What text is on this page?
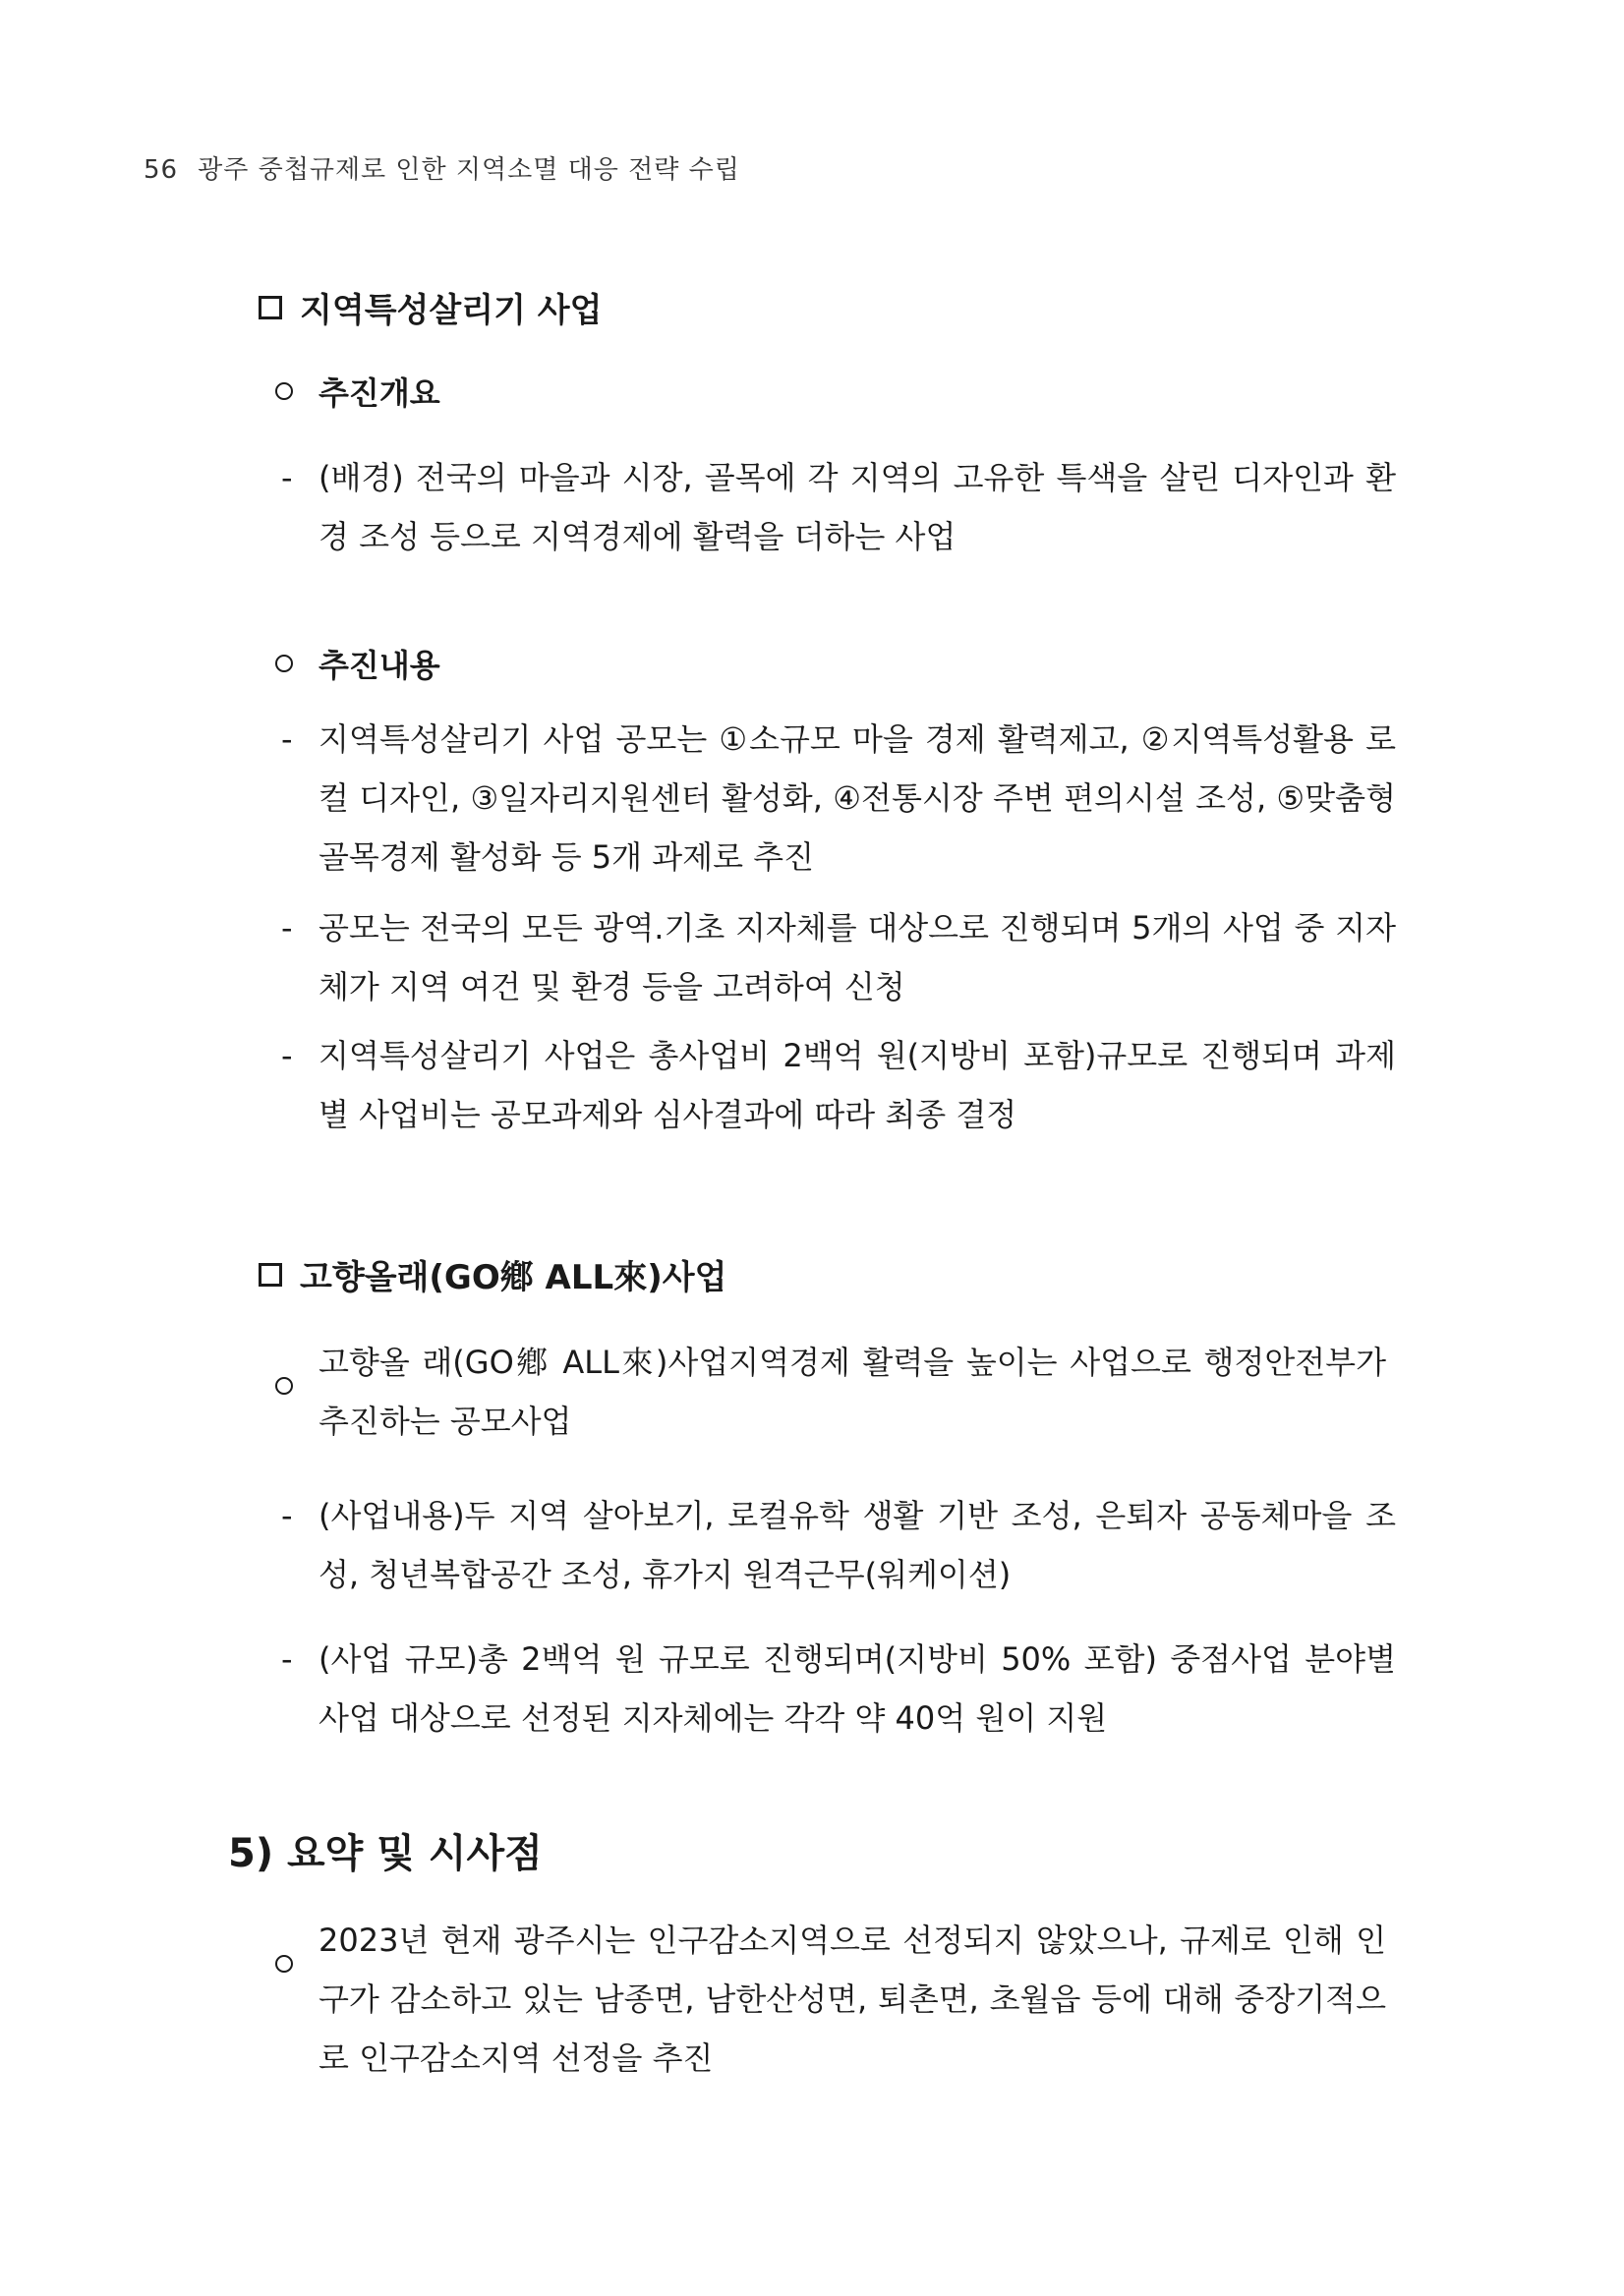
56 광주 중첩규제로 인한 지역소멸 대응 전략 수립
지역특성살리기 사업
추진개요
- (배경) 전국의 마을과 시장, 골목에 각 지역의 고유한 특색을 살린 디자인과 환경 조성 등으로 지역경제에 활력을 더하는 사업
추진내용
- 지역특성살리기 사업 공모는 ①소규모 마을 경제 활력제고, ②지역특성활용 로컬 디자인, ③일자리지원센터 활성화, ④전통시장 주변 편의시설 조성, ⑤맞춤형 골목경제 활성화 등 5개 과제로 추진
- 공모는 전국의 모든 광역.기초 지자체를 대상으로 진행되며 5개의 사업 중 지자체가 지역 여건 및 환경 등을 고려하여 신청
- 지역특성살리기 사업은 총사업비 2백억 원(지방비 포함)규모로 진행되며 과제별 사업비는 공모과제와 심사결과에 따라 최종 결정
고향올래(GO鄕 ALL來)사업
고향올 래(GO鄕 ALL來)사업지역경제 활력을 높이는 사업으로 행정안전부가 추진하는 공모사업
- (사업내용)두 지역 살아보기, 로컬유학 생활 기반 조성, 은퇴자 공동체마을 조성, 청년복합공간 조성, 휴가지 원격근무(워케이션)
- (사업 규모)총 2백억 원 규모로 진행되며(지방비 50% 포함) 중점사업 분야별 사업 대상으로 선정된 지자체에는 각각 약 40억 원이 지원
5) 요약 및 시사점
2023년 현재 광주시는 인구감소지역으로 선정되지 않았으나, 규제로 인해 인구가 감소하고 있는 남종면, 남한산성면, 퇴촌면, 초월읍 등에 대해 중장기적으로 인구감소지역 선정을 추진
